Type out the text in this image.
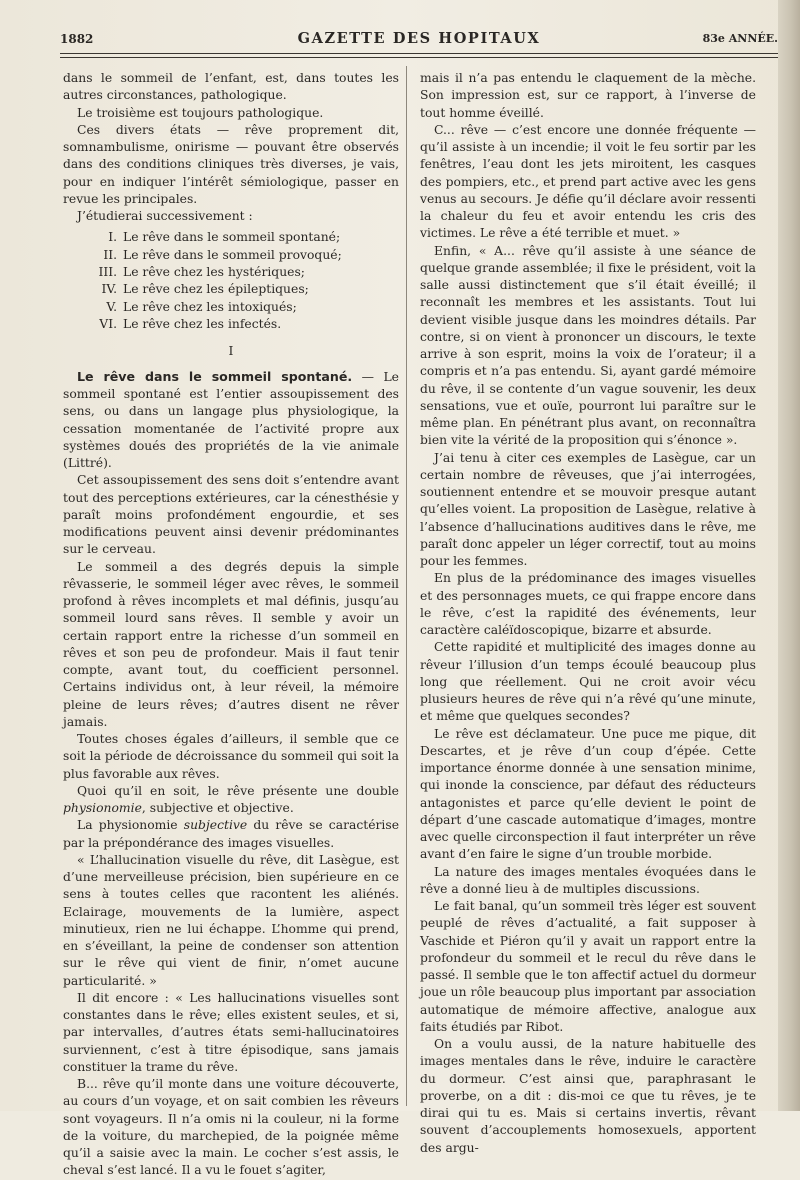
1882	GAZETTE DES HOPITAUX	83e ANNÉE.

dans le sommeil de l’enfant, est, dans toutes les autres circonstances, pathologique.

Le troisième est toujours pathologique.

Ces divers états — rêve proprement dit, somnambulisme, onirisme — pouvant être observés dans des conditions cliniques très diverses, je vais, pour en indiquer l’intérêt sémiologique, passer en revue les principales.

J’étudierai successivement :

I. Le rêve dans le sommeil spontané;
II. Le rêve dans le sommeil provoqué;
III. Le rêve chez les hystériques;
IV. Le rêve chez les épileptiques;
V. Le rêve chez les intoxiqués;
VI. Le rêve chez les infectés.
I

Le rêve dans le sommeil spontané. — Le sommeil spontané est l’entier assoupissement des sens, ou dans un langage plus physiologique, la cessation momentanée de l’activité propre aux systèmes doués des propriétés de la vie animale (Littré).

Cet assoupissement des sens doit s’entendre avant tout des perceptions extérieures, car la cénesthésie y paraît moins profondément engourdie, et ses modifications peuvent ainsi devenir prédominantes sur le cerveau.

Le sommeil a des degrés depuis la simple rêvasserie, le sommeil léger avec rêves, le sommeil profond à rêves incomplets et mal définis, jusqu’au sommeil lourd sans rêves. Il semble y avoir un certain rapport entre la richesse d’un sommeil en rêves et son peu de profondeur. Mais il faut tenir compte, avant tout, du coefficient personnel. Certains individus ont, à leur réveil, la mémoire pleine de leurs rêves; d’autres disent ne rêver jamais.

Toutes choses égales d’ailleurs, il semble que ce soit la période de décroissance du sommeil qui soit la plus favorable aux rêves.

Quoi qu’il en soit, le rêve présente une double physionomie, subjective et objective.

La physionomie subjective du rêve se caractérise par la prépondérance des images visuelles.

« L’hallucination visuelle du rêve, dit Lasègue, est d’une merveilleuse précision, bien supérieure en ce sens à toutes celles que racontent les aliénés. Eclairage, mouvements de la lumière, aspect minutieux, rien ne lui échappe. L’homme qui prend, en s’éveillant, la peine de condenser son attention sur le rêve qui vient de finir, n’omet aucune particularité. »

Il dit encore : « Les hallucinations visuelles sont constantes dans le rêve; elles existent seules, et si, par intervalles, d’autres états semi-hallucinatoires surviennent, c’est à titre épisodique, sans jamais constituer la trame du rêve.

B... rêve qu’il monte dans une voiture découverte, au cours d’un voyage, et on sait combien les rêveurs sont voyageurs. Il n’a omis ni la couleur, ni la forme de la voiture, du marchepied, de la poignée même qu’il a saisie avec la main. Le cocher s’est assis, le cheval s’est lancé. Il a vu le fouet s’agiter,

mais il n’a pas entendu le claquement de la mèche. Son impression est, sur ce rapport, à l’inverse de tout homme éveillé.

C... rêve — c’est encore une donnée fréquente — qu’il assiste à un incendie; il voit le feu sortir par les fenêtres, l’eau dont les jets miroitent, les casques des pompiers, etc., et prend part active avec les gens venus au secours. Je défie qu’il déclare avoir ressenti la chaleur du feu et avoir entendu les cris des victimes. Le rêve a été terrible et muet. »

Enfin, « A... rêve qu’il assiste à une séance de quelque grande assemblée; il fixe le président, voit la salle aussi distinctement que s’il était éveillé; il reconnaît les membres et les assistants. Tout lui devient visible jusque dans les moindres détails. Par contre, si on vient à prononcer un discours, le texte arrive à son esprit, moins la voix de l’orateur; il a compris et n’a pas entendu. Si, ayant gardé mémoire du rêve, il se contente d’un vague souvenir, les deux sensations, vue et ouïe, pourront lui paraître sur le même plan. En pénétrant plus avant, on reconnaîtra bien vite la vérité de la proposition qui s’énonce ».

J’ai tenu à citer ces exemples de Lasègue, car un certain nombre de rêveuses, que j’ai interrogées, soutiennent entendre et se mouvoir presque autant qu’elles voient. La proposition de Lasègue, relative à l’absence d’hallucinations auditives dans le rêve, me paraît donc appeler un léger correctif, tout au moins pour les femmes.

En plus de la prédominance des images visuelles et des personnages muets, ce qui frappe encore dans le rêve, c’est la rapidité des événements, leur caractère caléïdoscopique, bizarre et absurde.

Cette rapidité et multiplicité des images donne au rêveur l’illusion d’un temps écoulé beaucoup plus long que réellement. Qui ne croit avoir vécu plusieurs heures de rêve qui n’a rêvé qu’une minute, et même que quelques secondes?

Le rêve est déclamateur. Une puce me pique, dit Descartes, et je rêve d’un coup d’épée. Cette importance énorme donnée à une sensation minime, qui inonde la conscience, par défaut des réducteurs antagonistes et parce qu’elle devient le point de départ d’une cascade automatique d’images, montre avec quelle circonspection il faut interpréter un rêve avant d’en faire le signe d’un trouble morbide.

La nature des images mentales évoquées dans le rêve a donné lieu à de multiples discussions.

Le fait banal, qu’un sommeil très léger est souvent peuplé de rêves d’actualité, a fait supposer à Vaschide et Piéron qu’il y avait un rapport entre la profondeur du sommeil et le recul du rêve dans le passé. Il semble que le ton affectif actuel du dormeur joue un rôle beaucoup plus important par association automatique de mémoire affective, analogue aux faits étudiés par Ribot.

On a voulu aussi, de la nature habituelle des images mentales dans le rêve, induire le caractère du dormeur. C’est ainsi que, paraphrasant le proverbe, on a dit : dis-moi ce que tu rêves, je te dirai qui tu es. Mais si certains invertis, rêvant souvent d’accouplements homosexuels, apportent des argu-
